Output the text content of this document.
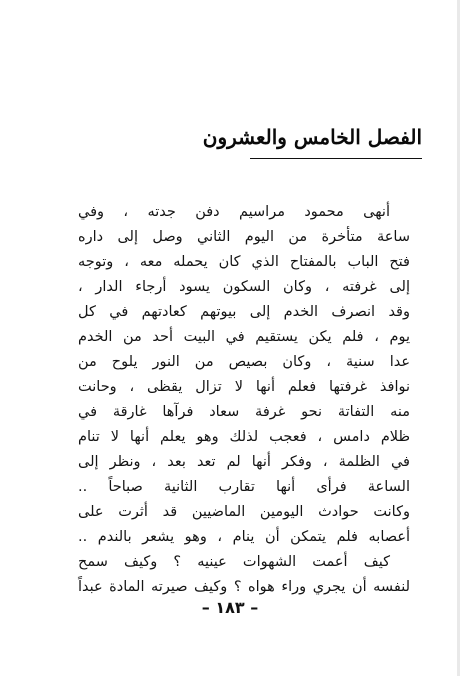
الفصل الخامس والعشرون
أنهى محمود مراسيم دفن جدته ، وفي
ساعة متأخرة من اليوم الثاني وصل إلى داره
فتح الباب بالمفتاح الذي كان يحمله معه ، وتوجه
إلى غرفته ، وكان السكون يسود أرجاء الدار ،
وقد انصرف الخدم إلى بيوتهم كعادتهم في كل
يوم ، فلم يكن يستقيم في البيت أحد من الخدم
عدا سنية ، وكان بصيص من النور يلوح من
نوافذ غرفتها فعلم أنها لا تزال يقظى ، وحانت
منه التفاتة نحو غرفة سعاد فرآها غارقة في
ظلام دامس ، فعجب لذلك وهو يعلم أنها لا تنام
في الظلمة ، وفكر أنها لم تعد بعد ، ونظر إلى
الساعة فرأى أنها تقارب الثانية صباحاً ..
وكانت حوادث اليومين الماضيين قد أثرت على
أعصابه فلم يتمكن أن ينام ، وهو يشعر بالندم ..
كيف أعمت الشهوات عينيه ؟ وكيف سمح
لنفسه أن يجري وراء هواه ؟ وكيف صيرته المادة عبداً
– ١٨٣ –
